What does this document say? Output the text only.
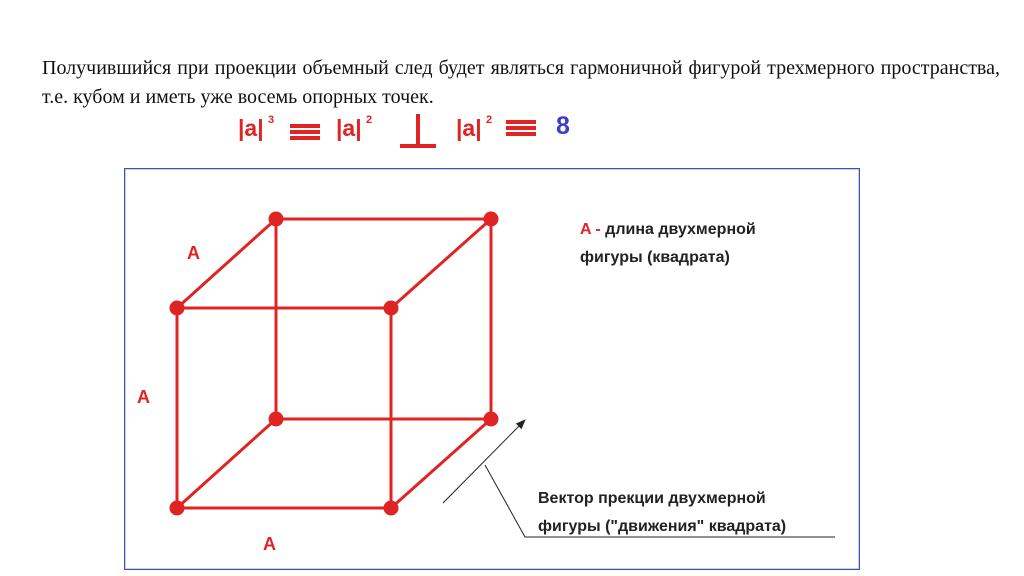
Получившийся при проекции объемный след будет являться гармоничной фигурой трехмерного пространства, т.е. кубом и иметь уже восемь опорных точек.

|a| 3	|a| 2	|a| 2	8
A
A
A
A - длина двухмерной
фигуры (квадрата)
Вектор прекции двухмерной
фигуры ("движения" квадрата)
